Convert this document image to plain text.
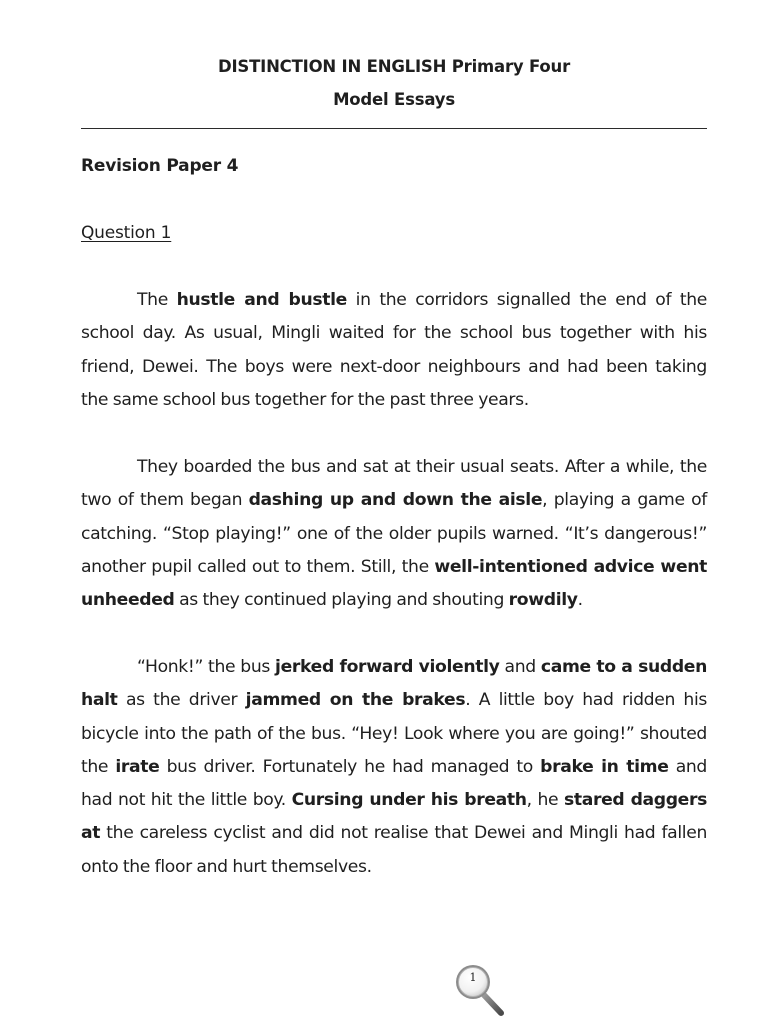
DISTINCTION IN ENGLISH Primary Four
Model Essays
Revision Paper 4
Question 1

The hustle and bustle in the corridors signalled the end of the school day. As usual, Mingli waited for the school bus together with his friend, Dewei. The boys were next-door neighbours and had been taking the same school bus together for the past three years.

They boarded the bus and sat at their usual seats. After a while, the two of them began dashing up and down the aisle, playing a game of catching. “Stop playing!” one of the older pupils warned. “It’s dangerous!” another pupil called out to them. Still, the well-intentioned advice went unheeded as they continued playing and shouting rowdily.

“Honk!” the bus jerked forward violently and came to a sudden halt as the driver jammed on the brakes. A little boy had ridden his bicycle into the path of the bus. “Hey! Look where you are going!” shouted the irate bus driver. Fortunately he had managed to brake in time and had not hit the little boy. Cursing under his breath, he stared daggers at the careless cyclist and did not realise that Dewei and Mingli had fallen onto the floor and hurt themselves.

1
